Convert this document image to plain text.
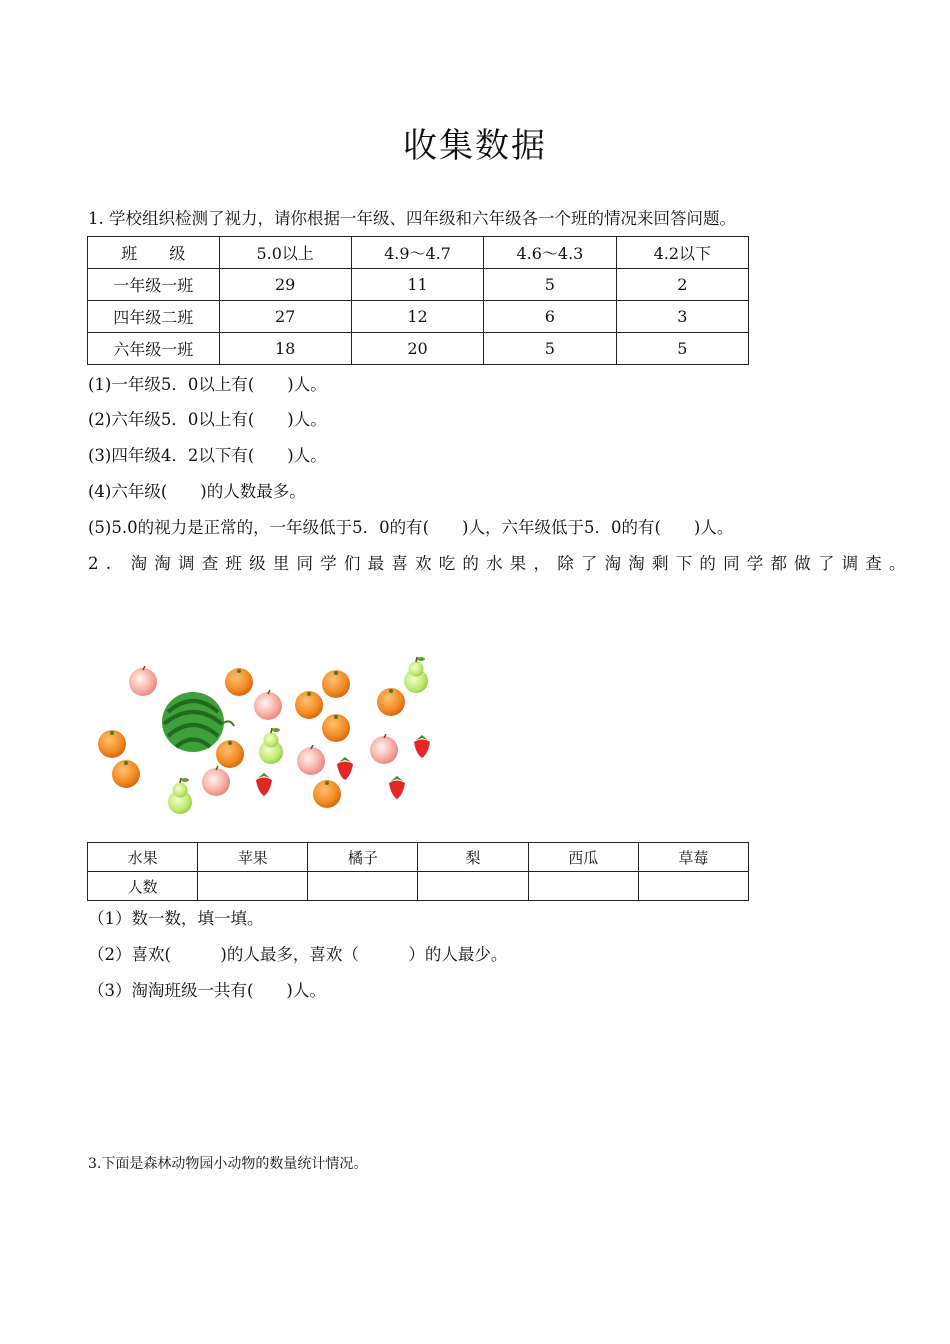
收集数据
1. 学校组织检测了视力，请你根据一年级、四年级和六年级各一个班的情况来回答问题。
班　　级	5.0以上	4.9～4.7	4.6～4.3	4.2以下
一年级一班	29	11	5	2
四年级二班	27	12	6	3
六年级一班	18	20	5	5
(1)一年级5．0以上有(　　)人。
(2)六年级5．0以上有(　　)人。
(3)四年级4．2以下有(　　)人。
(4)六年级(　　)的人数最多。
(5)5.0的视力是正常的，一年级低于5．0的有(　　)人，六年级低于5．0的有(　　)人。
2. 淘淘调查班级里同学们最喜欢吃的水果，除了淘淘剩下的同学都做了调查。
水果	苹果	橘子	梨	西瓜	草莓
人数					
（1）数一数，填一填。
（2）喜欢(　　　)的人最多，喜欢（　　　）的人最少。
（3）淘淘班级一共有(　　)人。
3.下面是森林动物园小动物的数量统计情况。
